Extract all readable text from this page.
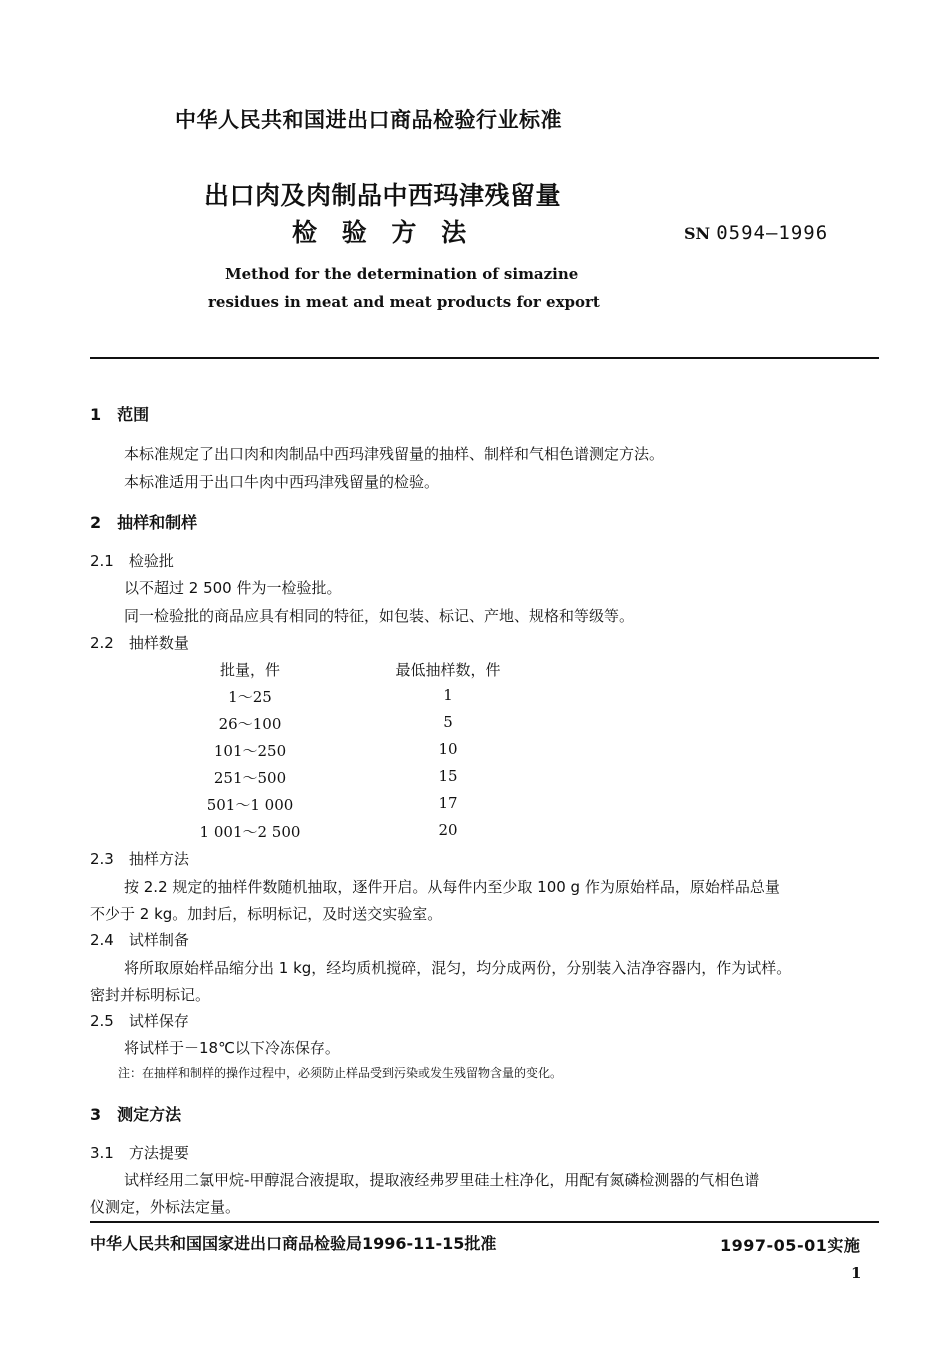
中华人民共和国进出口商品检验行业标准
出口肉及肉制品中西玛津残留量
检 验 方 法	SN 0594—1996
Method for the determination of simazine
residues in meat and meat products for export
1　范围
本标准规定了出口肉和肉制品中西玛津残留量的抽样、制样和气相色谱测定方法。
本标准适用于出口牛肉中西玛津残留量的检验。
2　抽样和制样
2.1　检验批
以不超过 2 500 件为一检验批。
同一检验批的商品应具有相同的特征，如包装、标记、产地、规格和等级等。
2.2　抽样数量
批量，件	最低抽样数，件
1～25	1
26～100	5
101～250	10
251～500	15
501～1 000	17
1 001～2 500	20
2.3　抽样方法
按 2.2 规定的抽样件数随机抽取，逐件开启。从每件内至少取 100 g 作为原始样品，原始样品总量
不少于 2 kg。加封后，标明标记，及时送交实验室。
2.4　试样制备
将所取原始样品缩分出 1 kg，经均质机搅碎，混匀，均分成两份，分别装入洁净容器内，作为试样。
密封并标明标记。
2.5　试样保存
将试样于－18℃以下冷冻保存。
注：在抽样和制样的操作过程中，必须防止样品受到污染或发生残留物含量的变化。
3　测定方法
3.1　方法提要
试样经用二氯甲烷-甲醇混合液提取，提取液经弗罗里硅土柱净化，用配有氮磷检测器的气相色谱
仪测定，外标法定量。
中华人民共和国国家进出口商品检验局1996-11-15批准	1997-05-01实施
1
